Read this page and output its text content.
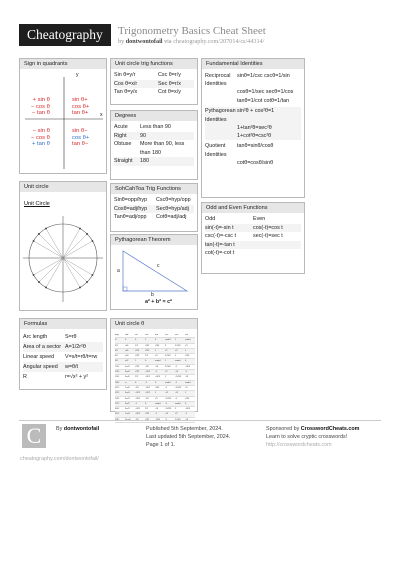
Cheatography	Trigonometry Basics Cheat Sheet
by dontwontofail via cheatography.com/207014/cs/44314/
Sign in quadrants
y
x
+ sin θ
− cos θ
− tan θ
sin θ+
cos θ+
tan θ+
− sin θ
− cos θ
+ tan θ
sin θ−
cos θ+
tan θ−
Unit circle
Unit Circle
Unit circle trig functions
Sin θ=y/r	Csc θ=r/y
Cos θ=x/r	Sec θ=r/x
Tan θ=y/x	Cot θ=x/y
Degrees
Acute	Less than 90
Right	90
Obtuse	More than 90, less than 180
Straight	180
SohCahToa Trig Functions
Sinθ=opp/hyp	Cscθ=hyp/opp
Cosθ=adj/hyp	Secθ=hyp/adj
Tanθ=adj/opp	Cotθ=adj/adj
Pythagorean Theorem
a
b
c
a² + b² = c²
Fundamental Identities
Reciprocal Identities
sinθ=1/csc cscθ=1/sin
cosθ=1/sec secθ=1/cos
tanθ=1/cot cotθ=1/tan
Pythagorean Identities
sin²θ + cos²θ=1
1+tan²θ=sec²θ
1+cot²θ=csc²θ
Quotient Identities
tanθ=sinθ/cosθ
cotθ=cosθ/sinθ
Odd and Even Functions
Odd	Even
sin(-t)=-sin t	cos(-t)=cos t
csc(-t)=-csc t	sec(-t)=sec t
tan(-t)=-tan t
cot(-t)=-cot t
Formulas
Arc length	S=rθ
Area of a sector A=1/2r²θ
Linear speed	V=s/t=rθ/t=rw
Angular speed	w=θ/t
R	r=√x² + y²
Unit circle θ
deg	rad	sin	cos	tan	csc	sec	cot
0°	0	0	1	0	undef	1	undef
30°	π/6	1/2	√3/2	√3/3	2	2√3/3	√3
45°	π/4	√2/2	√2/2	1	√2	√2	1
60°	π/3	√3/2	1/2	√3	2√3/3	2	√3/3
90°	π/2	1	0	undef	1	undef	0
120°	2π/3	√3/2	-1/2	-√3	2√3/3	-2	-√3/3
135°	3π/4	√2/2	-√2/2	-1	√2	-√2	-1
150°	5π/6	1/2	-√3/2	-√3/3	2	-2√3/3	-√3
180°	π	0	-1	0	undef	-1	undef
210°	7π/6	-1/2	-√3/2	√3/3	-2	-2√3/3	√3
225°	5π/4	-√2/2	-√2/2	1	-√2	-√2	1
240°	4π/3	-√3/2	-1/2	√3	-2√3/3	-2	√3/3
270°	3π/2	-1	0	undef	-1	undef	0
300°	5π/3	-√3/2	1/2	-√3	-2√3/3	2	-√3/3
315°	7π/4	-√2/2	√2/2	-1	-√2	√2	-1
330°	11π/6	-1/2	√3/2	-√3/3	-2	2√3/3	-√3
C	By dontwontofail
cheatography.com/dontwontofail/
Published 5th September, 2024.
Last updated 5th September, 2024.
Page 1 of 1.
Sponsored by CrosswordCheats.com
Learn to solve cryptic crosswords!
http://crosswordcheats.com
